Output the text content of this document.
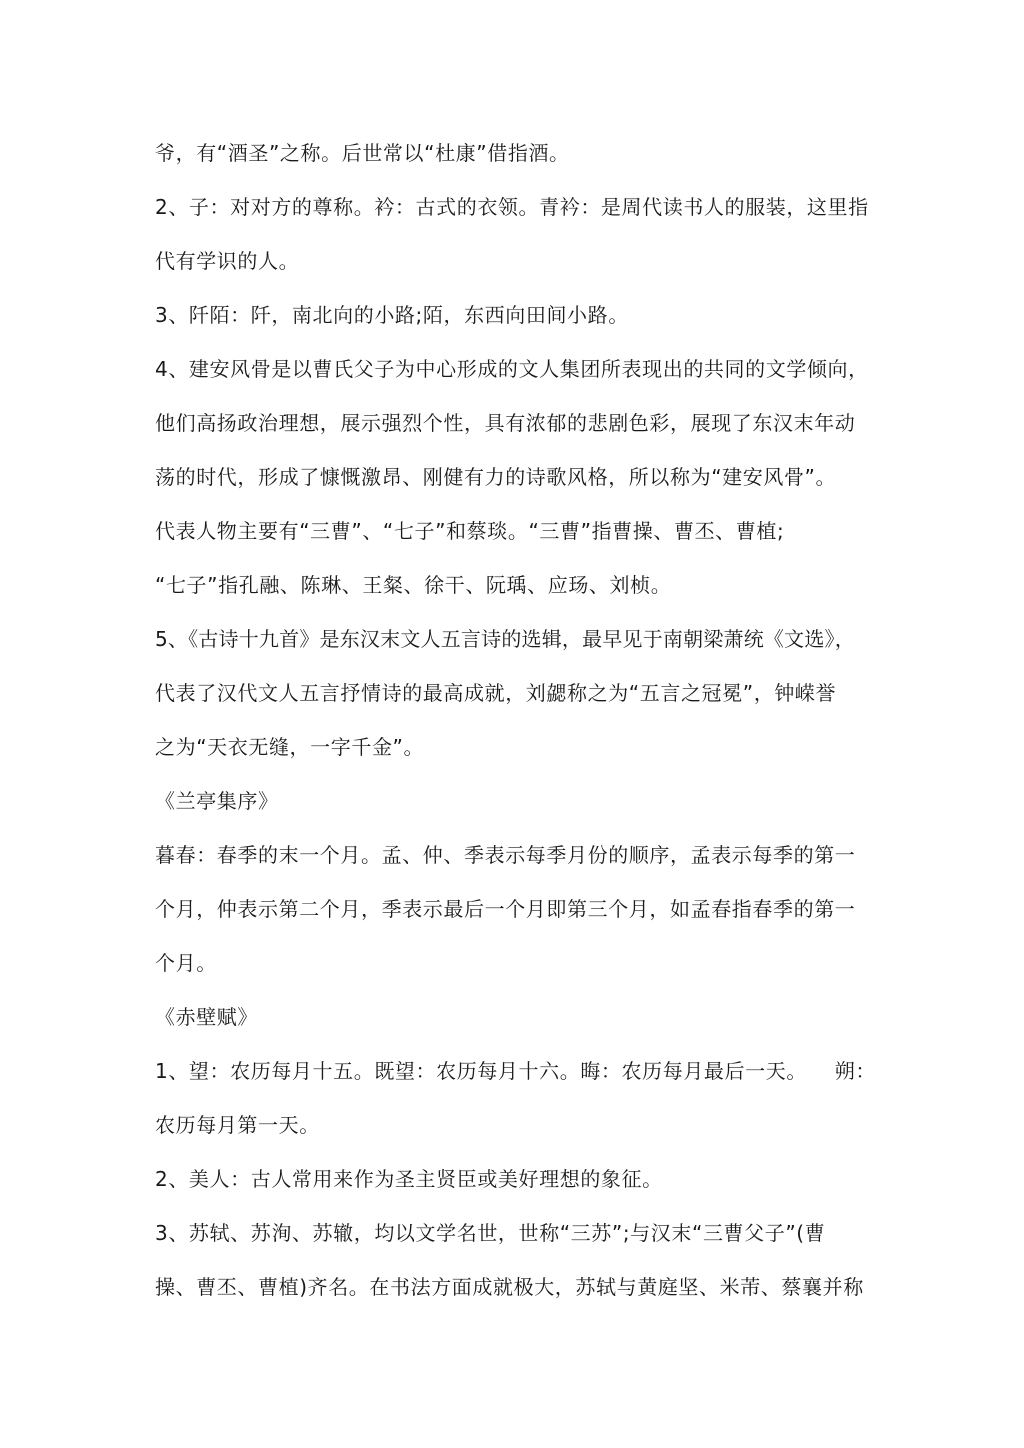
爷，有“酒圣”之称。后世常以“杜康”借指酒。
2、子：对对方的尊称。衿：古式的衣领。青衿：是周代读书人的服装，这里指
代有学识的人。
3、阡陌：阡，南北向的小路;陌，东西向田间小路。
4、建安风骨是以曹氏父子为中心形成的文人集团所表现出的共同的文学倾向，
他们高扬政治理想，展示强烈个性，具有浓郁的悲剧色彩，展现了东汉末年动
荡的时代，形成了慷慨激昂、刚健有力的诗歌风格，所以称为“建安风骨”。
代表人物主要有“三曹”、“七子”和蔡琰。“三曹”指曹操、曹丕、曹植;
“七子”指孔融、陈琳、王粲、徐干、阮瑀、应玚、刘桢。
5、《古诗十九首》是东汉末文人五言诗的选辑，最早见于南朝梁萧统《文选》，
代表了汉代文人五言抒情诗的最高成就，刘勰称之为“五言之冠冕”，钟嵘誉
之为“天衣无缝，一字千金”。
《兰亭集序》
暮春：春季的末一个月。孟、仲、季表示每季月份的顺序，孟表示每季的第一
个月，仲表示第二个月，季表示最后一个月即第三个月，如孟春指春季的第一
个月。
《赤壁赋》
1、望：农历每月十五。既望：农历每月十六。晦：农历每月最后一天。    朔：
农历每月第一天。
2、美人：古人常用来作为圣主贤臣或美好理想的象征。
3、苏轼、苏洵、苏辙，均以文学名世，世称“三苏”;与汉末“三曹父子”(曹
操、曹丕、曹植)齐名。在书法方面成就极大，苏轼与黄庭坚、米芾、蔡襄并称
